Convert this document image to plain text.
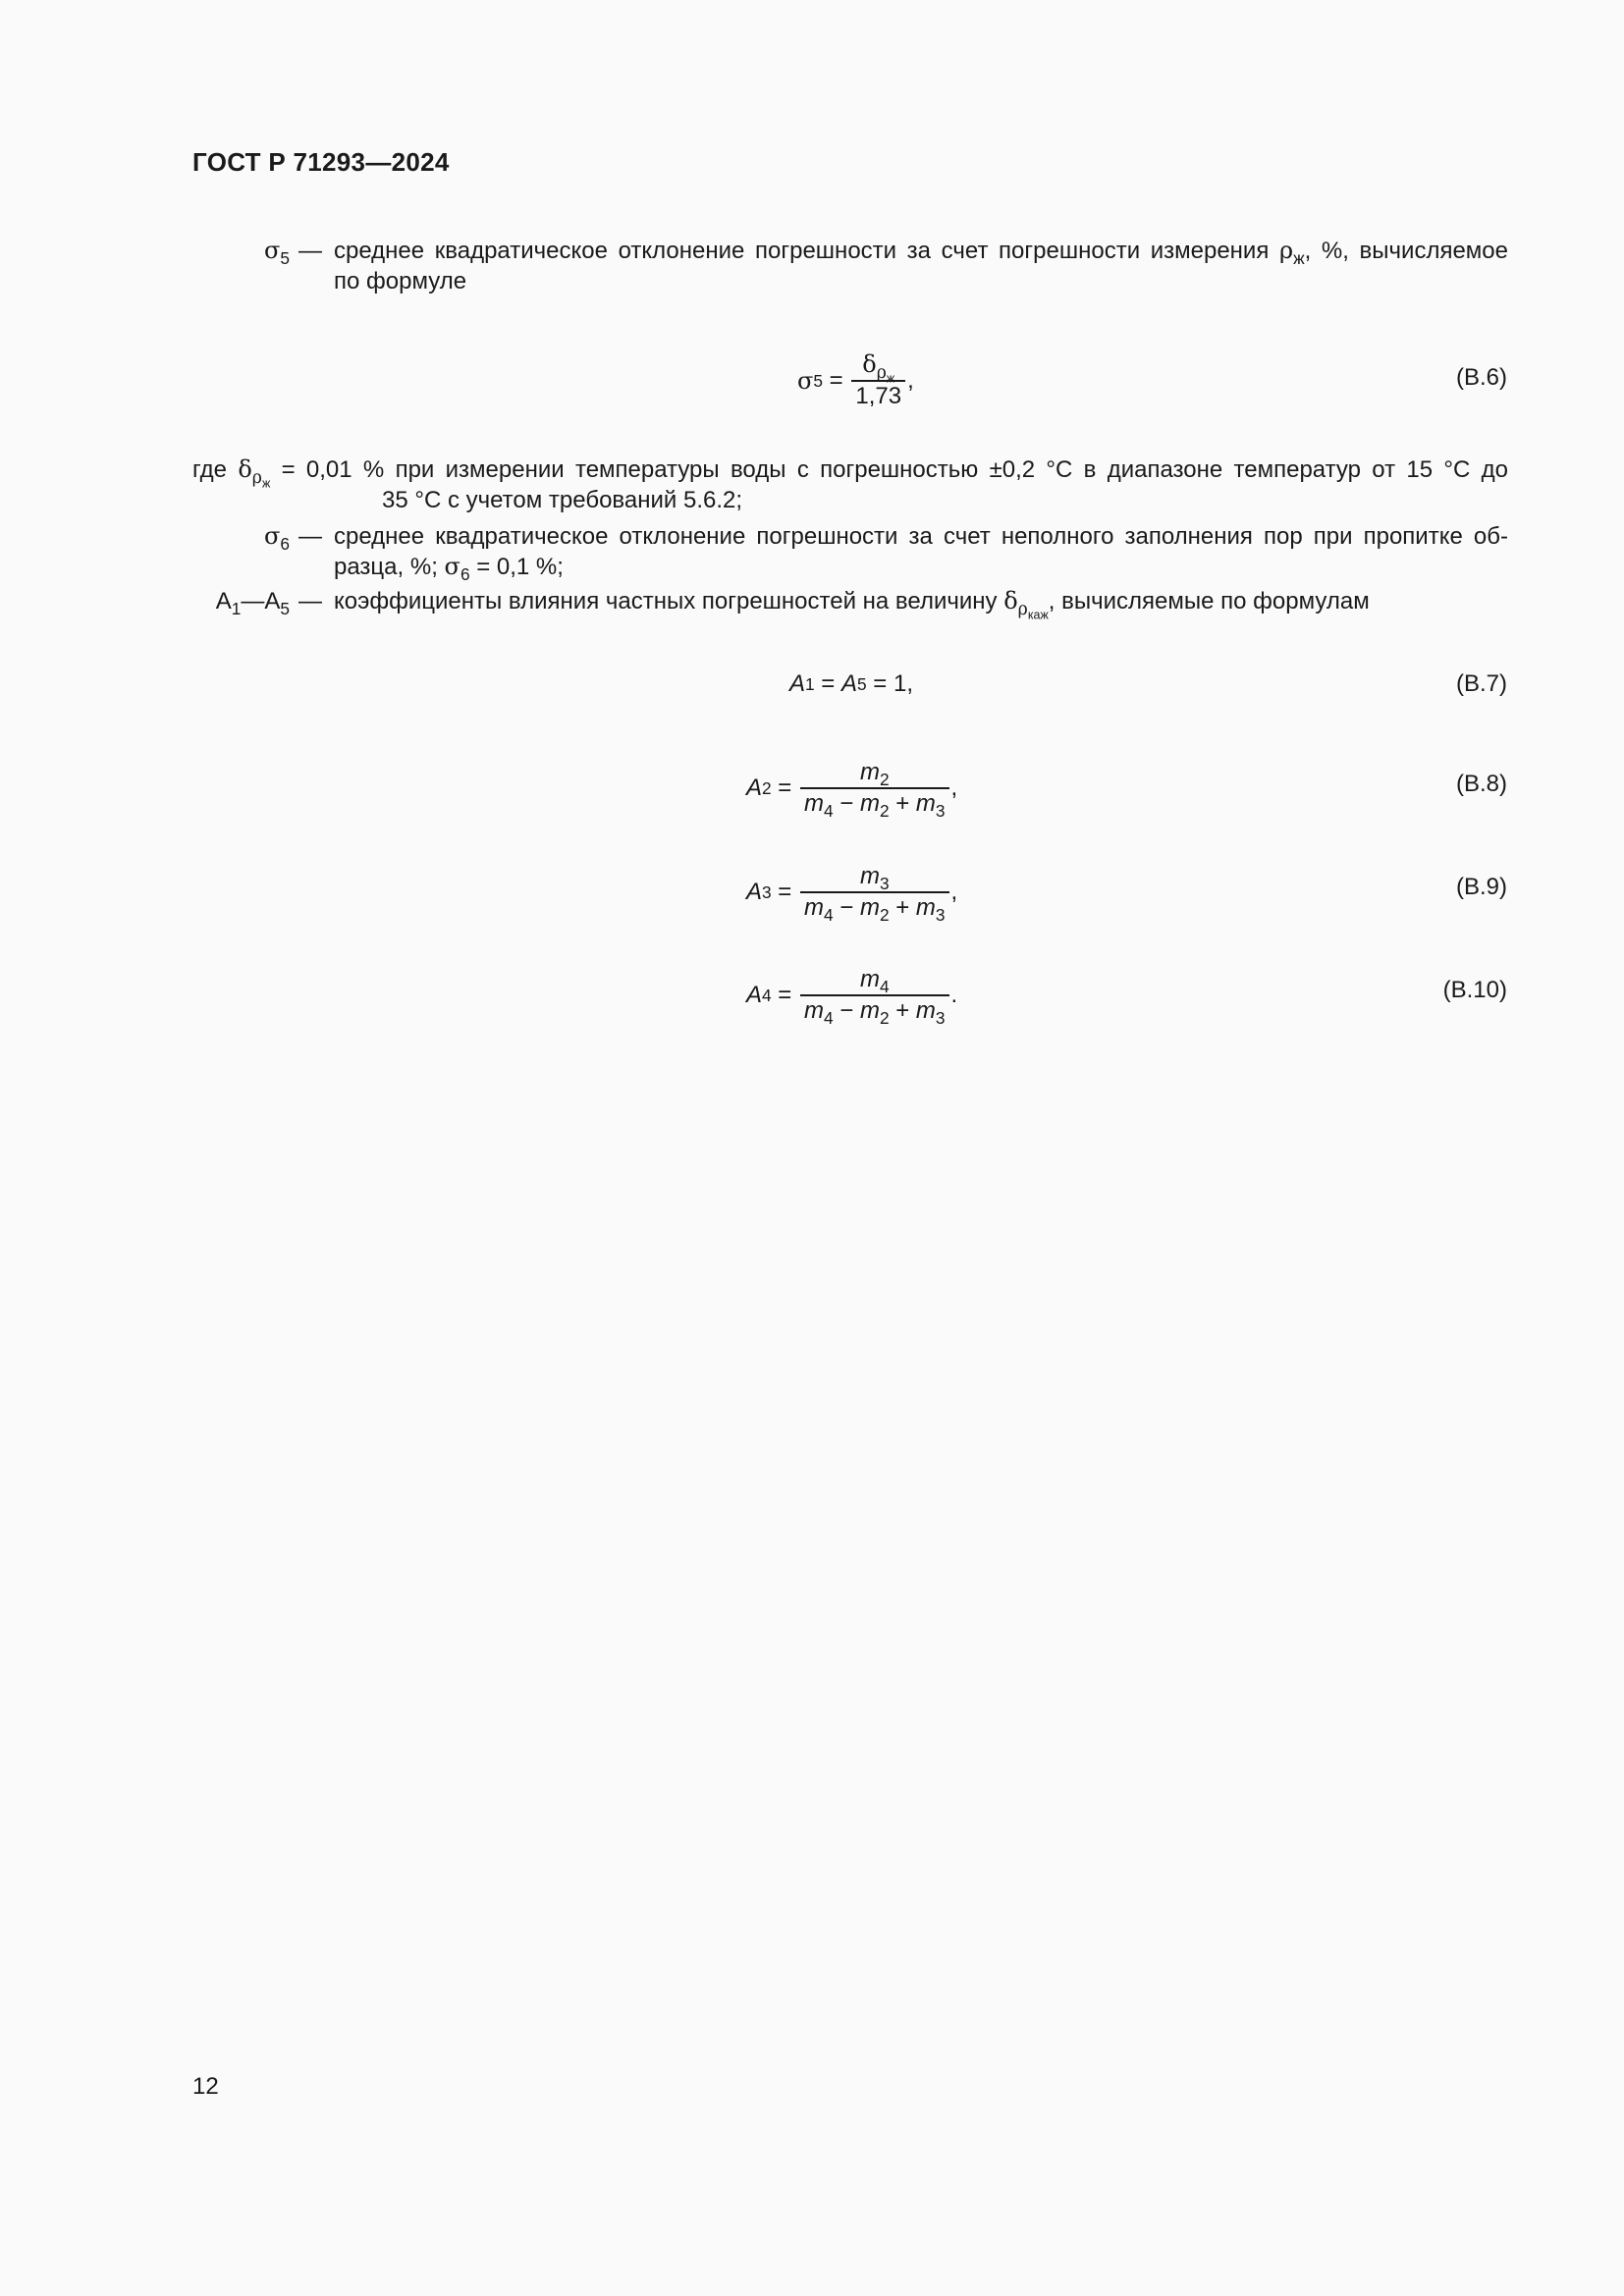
ГОСТ Р 71293—2024
$\sigma_5$ — среднее квадратическое отклонение погрешности за счет погрешности измерения $\rho_ж$, %, вычисляемое
по формуле
σ $5 = \frac{\delta_{\rho_ж}}{1,73}$ ,	(В.6)
где $\delta_{\rho_ж} = 0,01$ % при измерении температуры воды с погрешностью ±0,2 °С в диапазоне температур от 15 °С до
35 °С с учетом требований 5.6.2;
$\sigma_6$ — среднее квадратическое отклонение погрешности за счет неполного заполнения пор при пропитке об-
разца, %; $\sigma_6 = 0,1$ %;
$A_1—A_5$ — коэффициенты влияния частных погрешностей на величину $\delta_{\rho_{каж}}$, вычисляемые по формулам
A 1 = A 5 = 1,	(В.7)
A $2 = \frac{m_2}{m_4 - m_2 + m_3}$ ,	(В.8)
A $3 = \frac{m_3}{m_4 - m_2 + m_3}$ ,	(В.9)
A $4 = \frac{m_4}{m_4 - m_2 + m_3}$ .	(В.10)
12
